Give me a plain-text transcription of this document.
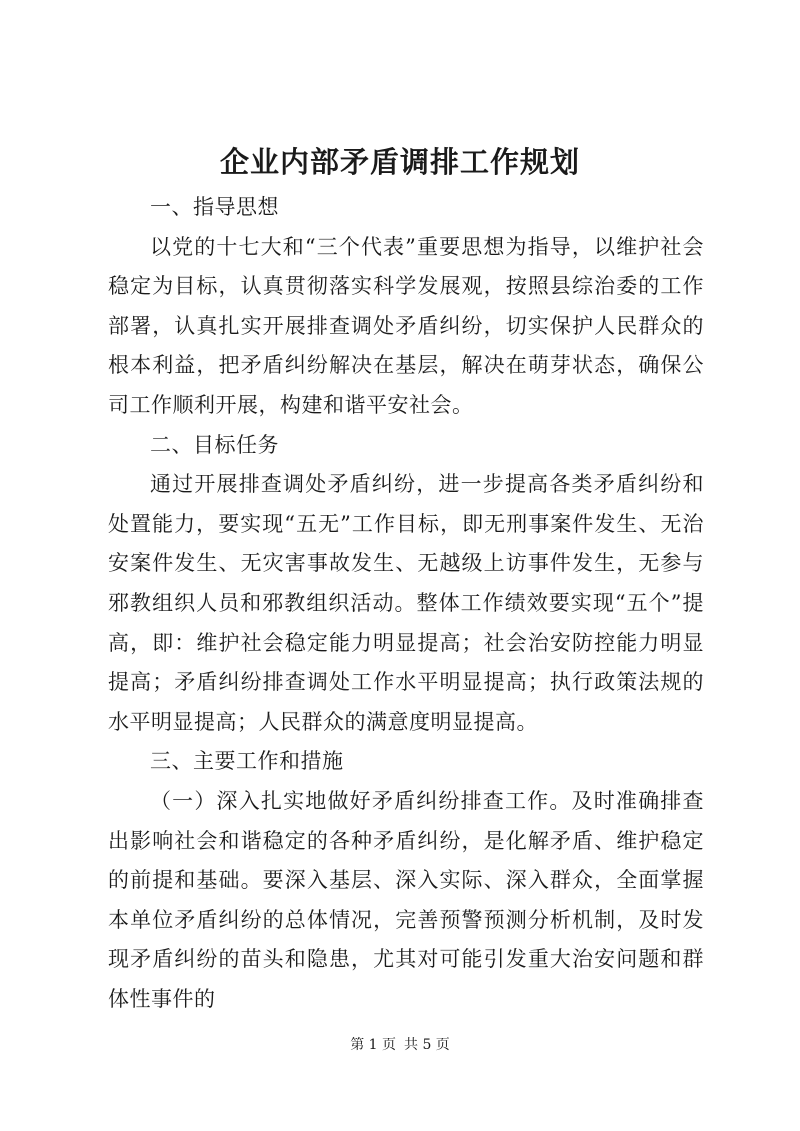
企业内部矛盾调排工作规划

一、指导思想

以党的十七大和“三个代表”重要思想为指导，以维护社会稳定为目标，认真贯彻落实科学发展观，按照县综治委的工作部署，认真扎实开展排查调处矛盾纠纷，切实保护人民群众的根本利益，把矛盾纠纷解决在基层，解决在萌芽状态，确保公司工作顺利开展，构建和谐平安社会。

二、目标任务

通过开展排查调处矛盾纠纷，进一步提高各类矛盾纠纷和处置能力，要实现“五无”工作目标，即无刑事案件发生、无治安案件发生、无灾害事故发生、无越级上访事件发生，无参与邪教组织人员和邪教组织活动。整体工作绩效要实现“五个”提高，即：维护社会稳定能力明显提高；社会治安防控能力明显提高；矛盾纠纷排查调处工作水平明显提高；执行政策法规的水平明显提高；人民群众的满意度明显提高。

三、主要工作和措施

（一）深入扎实地做好矛盾纠纷排查工作。及时准确排查出影响社会和谐稳定的各种矛盾纠纷，是化解矛盾、维护稳定的前提和基础。要深入基层、深入实际、深入群众，全面掌握本单位矛盾纠纷的总体情况，完善预警预测分析机制，及时发现矛盾纠纷的苗头和隐患，尤其对可能引发重大治安问题和群体性事件的

第 1 页 共 5 页
